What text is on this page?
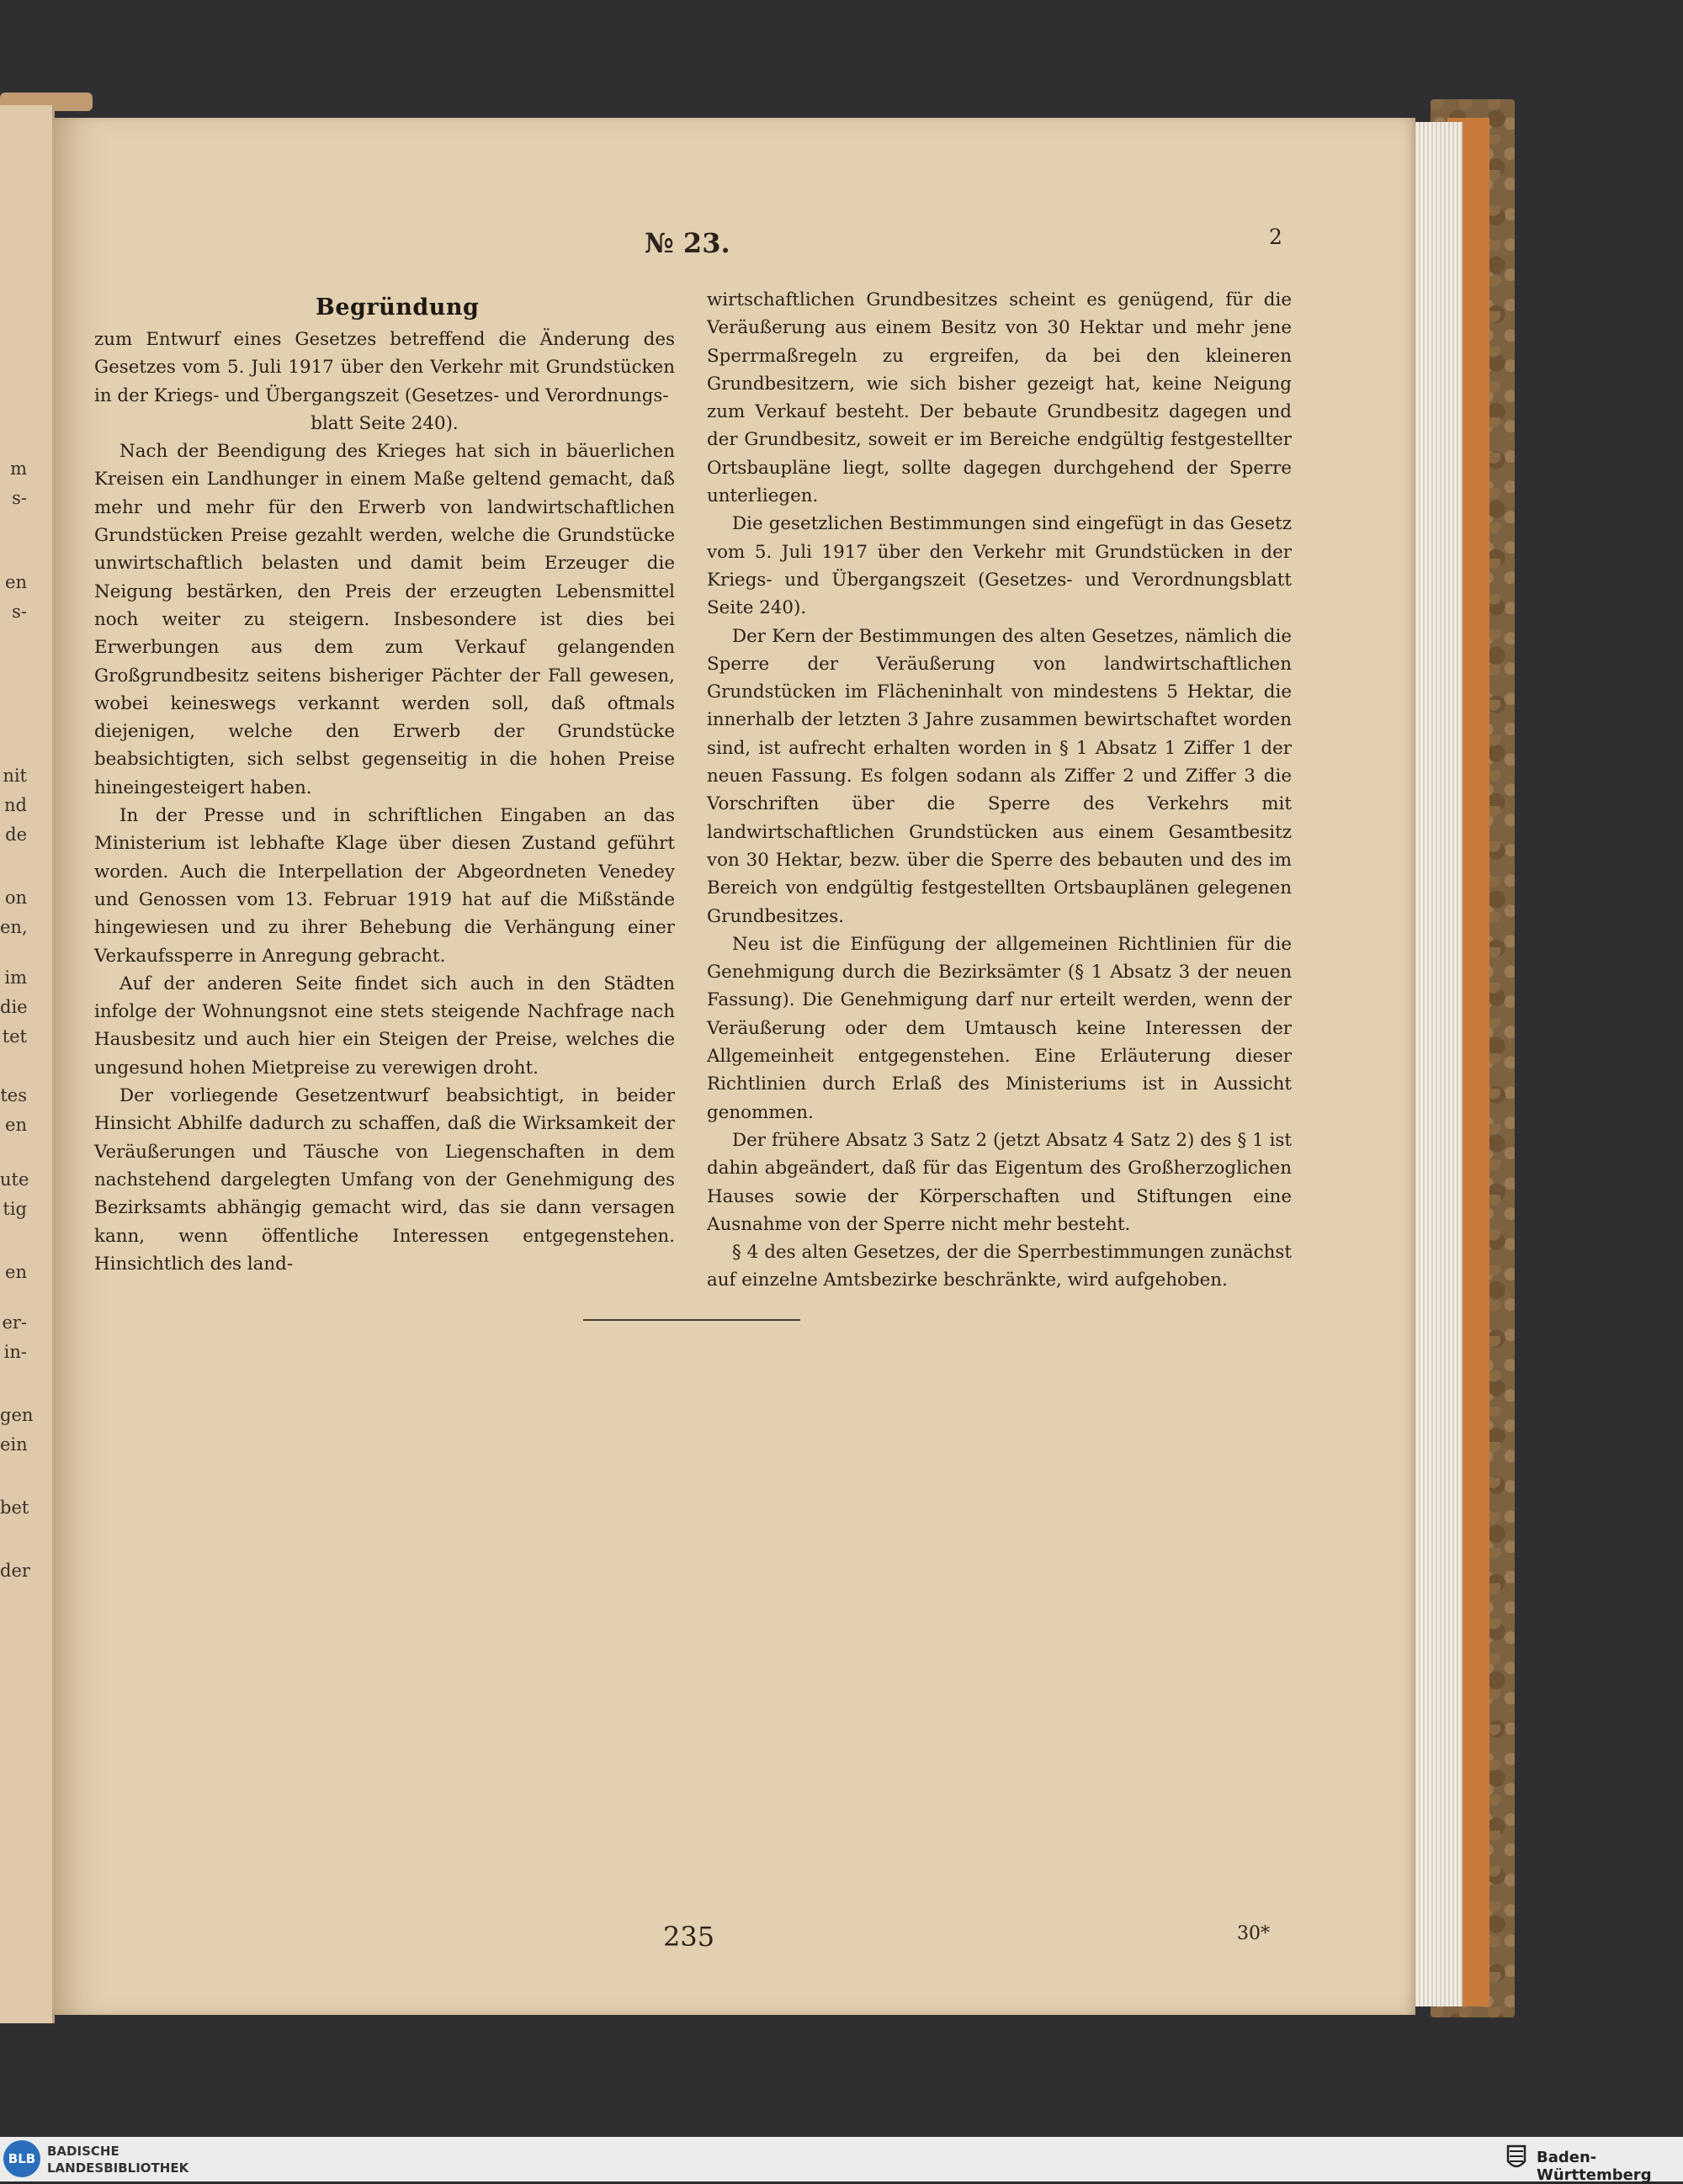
m
s-
en
s-
nit
nd
de
on
en,
im
die
tet
tes
en
ute
tig
en
er-
in-
gen
ein
bet
der
№ 23.	2
Begründung

zum Entwurf eines Gesetzes betreffend die Änderung des Gesetzes vom 5. Juli 1917 über den Verkehr mit Grundstücken in der Kriegs- und Übergangszeit (Gesetzes- und Verordnungs-
blatt Seite 240).

Nach der Beendigung des Krieges hat sich in bäuerlichen Kreisen ein Landhunger in einem Maße geltend gemacht, daß mehr und mehr für den Erwerb von landwirtschaftlichen Grundstücken Preise gezahlt werden, welche die Grundstücke unwirtschaftlich belasten und damit beim Erzeuger die Neigung bestärken, den Preis der erzeugten Lebensmittel noch weiter zu steigern. Insbesondere ist dies bei Erwerbungen aus dem zum Verkauf gelangenden Großgrundbesitz seitens bisheriger Pächter der Fall gewesen, wobei keineswegs verkannt werden soll, daß oftmals diejenigen, welche den Erwerb der Grundstücke beabsichtigten, sich selbst gegenseitig in die hohen Preise hineingesteigert haben.

In der Presse und in schriftlichen Eingaben an das Ministerium ist lebhafte Klage über diesen Zustand geführt worden. Auch die Interpellation der Abgeordneten Venedey und Genossen vom 13. Februar 1919 hat auf die Mißstände hingewiesen und zu ihrer Behebung die Verhängung einer Verkaufssperre in Anregung gebracht.

Auf der anderen Seite findet sich auch in den Städten infolge der Wohnungsnot eine stets steigende Nachfrage nach Hausbesitz und auch hier ein Steigen der Preise, welches die ungesund hohen Mietpreise zu verewigen droht.

Der vorliegende Gesetzentwurf beabsichtigt, in beider Hinsicht Abhilfe dadurch zu schaffen, daß die Wirksamkeit der Veräußerungen und Täusche von Liegenschaften in dem nachstehend dargelegten Umfang von der Genehmigung des Bezirksamts abhängig gemacht wird, das sie dann versagen kann, wenn öffentliche Interessen entgegenstehen. Hinsichtlich des land-

wirtschaftlichen Grundbesitzes scheint es genügend, für die Veräußerung aus einem Besitz von 30 Hektar und mehr jene Sperrmaßregeln zu ergreifen, da bei den kleineren Grundbesitzern, wie sich bisher gezeigt hat, keine Neigung zum Verkauf besteht. Der bebaute Grundbesitz dagegen und der Grundbesitz, soweit er im Bereiche endgültig festgestellter Ortsbaupläne liegt, sollte dagegen durchgehend der Sperre unterliegen.

Die gesetzlichen Bestimmungen sind eingefügt in das Gesetz vom 5. Juli 1917 über den Verkehr mit Grundstücken in der Kriegs- und Übergangszeit (Gesetzes- und Verordnungsblatt Seite 240).

Der Kern der Bestimmungen des alten Gesetzes, nämlich die Sperre der Veräußerung von landwirtschaftlichen Grundstücken im Flächeninhalt von mindestens 5 Hektar, die innerhalb der letzten 3 Jahre zusammen bewirtschaftet worden sind, ist aufrecht erhalten worden in § 1 Absatz 1 Ziffer 1 der neuen Fassung. Es folgen sodann als Ziffer 2 und Ziffer 3 die Vorschriften über die Sperre des Verkehrs mit landwirtschaftlichen Grundstücken aus einem Gesamtbesitz von 30 Hektar, bezw. über die Sperre des bebauten und des im Bereich von endgültig festgestellten Ortsbauplänen gelegenen Grundbesitzes.

Neu ist die Einfügung der allgemeinen Richtlinien für die Genehmigung durch die Bezirksämter (§ 1 Absatz 3 der neuen Fassung). Die Genehmigung darf nur erteilt werden, wenn der Veräußerung oder dem Umtausch keine Interessen der Allgemeinheit entgegenstehen. Eine Erläuterung dieser Richtlinien durch Erlaß des Ministeriums ist in Aussicht genommen.

Der frühere Absatz 3 Satz 2 (jetzt Absatz 4 Satz 2) des § 1 ist dahin abgeändert, daß für das Eigentum des Großherzoglichen Hauses sowie der Körperschaften und Stiftungen eine Ausnahme von der Sperre nicht mehr besteht.

§ 4 des alten Gesetzes, der die Sperrbestimmungen zunächst auf einzelne Amtsbezirke beschränkte, wird aufgehoben.

235	30*
BLB BADISCHE
LANDESBIBLIOTHEK
Baden-Württemberg
